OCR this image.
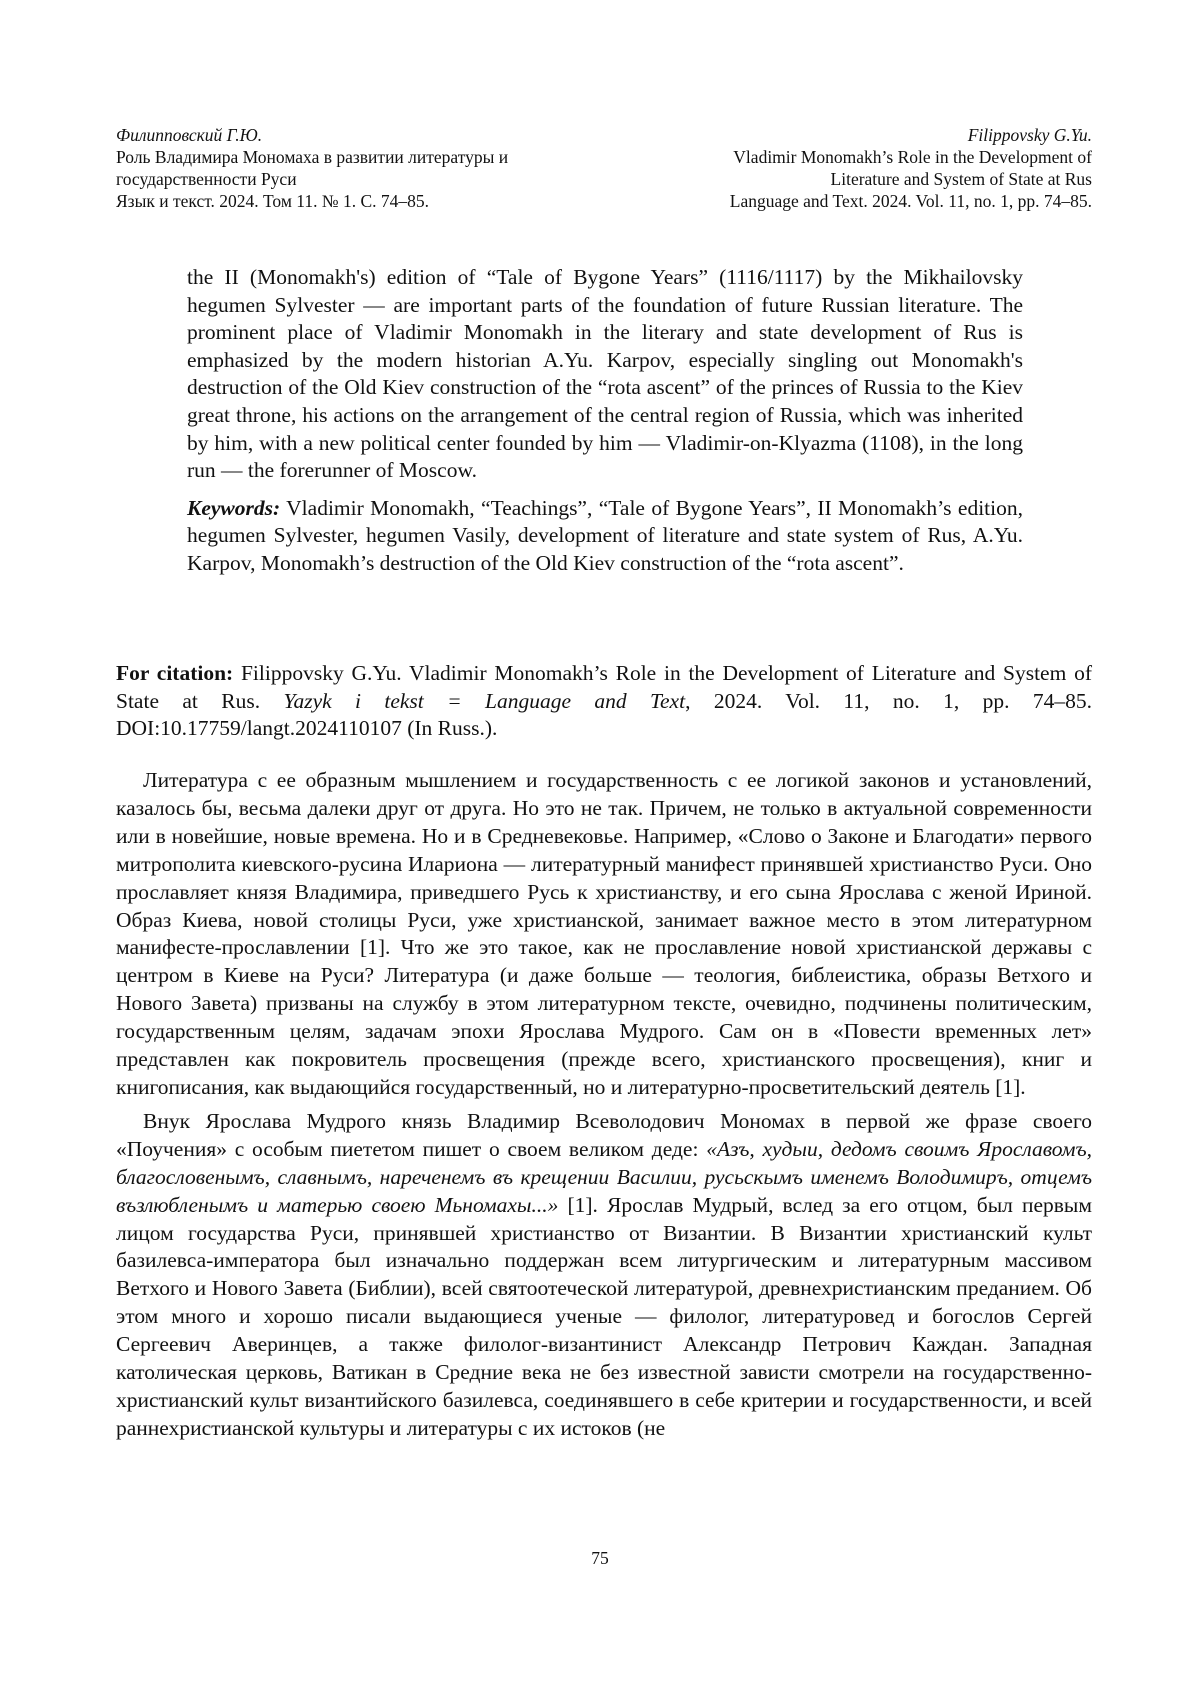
Филипповский Г.Ю.
Роль Владимира Мономаха в развитии литературы и
государственности Руси
Язык и текст. 2024. Том 11. № 1. С. 74–85.
Filippovsky G.Yu.
Vladimir Monomakh’s Role in the Development of
Literature and System of State at Rus
Language and Text. 2024. Vol. 11, no. 1, pp. 74–85.

the II (Monomakh's) edition of “Tale of Bygone Years” (1116/1117) by the Mikhailovsky hegumen Sylvester — are important parts of the foundation of future Russian literature. The prominent place of Vladimir Monomakh in the literary and state development of Rus is emphasized by the modern historian A.Yu. Karpov, especially singling out Monomakh's destruction of the Old Kiev construction of the “rota ascent” of the princes of Russia to the Kiev great throne, his actions on the arrangement of the central region of Russia, which was inherited by him, with a new political center founded by him — Vladimir-on-Klyazma (1108), in the long run — the forerunner of Moscow.

Keywords: Vladimir Monomakh, “Teachings”, “Tale of Bygone Years”, II Monomakh’s edition, hegumen Sylvester, hegumen Vasily, development of literature and state system of Rus, A.Yu. Karpov, Monomakh’s destruction of the Old Kiev construction of the “rota ascent”.

For citation: Filippovsky G.Yu. Vladimir Monomakh’s Role in the Development of Literature and System of State at Rus. Yazyk i tekst = Language and Text, 2024. Vol. 11, no. 1, pp. 74–85. DOI:10.17759/langt.2024110107 (In Russ.).

Литература с ее образным мышлением и государственность с ее логикой законов и установлений, казалось бы, весьма далеки друг от друга. Но это не так. Причем, не только в актуальной современности или в новейшие, новые времена. Но и в Средневековье. Например, «Слово о Законе и Благодати» первого митрополита киевского-русина Илариона — литературный манифест принявшей христианство Руси. Оно прославляет князя Владимира, приведшего Русь к христианству, и его сына Ярослава с женой Ириной. Образ Киева, новой столицы Руси, уже христианской, занимает важное место в этом литературном манифесте-прославлении [1]. Что же это такое, как не прославление новой христианской державы с центром в Киеве на Руси? Литература (и даже больше — теология, библеистика, образы Ветхого и Нового Завета) призваны на службу в этом литературном тексте, очевидно, подчинены политическим, государственным целям, задачам эпохи Ярослава Мудрого. Сам он в «Повести временных лет» представлен как покровитель просвещения (прежде всего, христианского просвещения), книг и книгописания, как выдающийся государственный, но и литературно-просветительский деятель [1].

Внук Ярослава Мудрого князь Владимир Всеволодович Мономах в первой же фразе своего «Поучения» с особым пиететом пишет о своем великом деде: «Азъ, худыи, дедомъ своимъ Ярославомъ, благословенымъ, славнымъ, нареченемъ въ крещении Василии, русьскымъ именемъ Володимиръ, отцемъ възлюбленымъ и матерью своею Мьномахы...» [1]. Ярослав Мудрый, вслед за его отцом, был первым лицом государства Руси, принявшей христианство от Византии. В Византии христианский культ базилевса-императора был изначально поддержан всем литургическим и литературным массивом Ветхого и Нового Завета (Библии), всей святоотеческой литературой, древнехристианским преданием. Об этом много и хорошо писали выдающиеся ученые — филолог, литературовед и богослов Сергей Сергеевич Аверинцев, а также филолог-византинист Александр Петрович Каждан. Западная католическая церковь, Ватикан в Средние века не без известной зависти смотрели на государственно-христианский культ византийского базилевса, соединявшего в себе критерии и государственности, и всей раннехристианской культуры и литературы с их истоков (не

75
